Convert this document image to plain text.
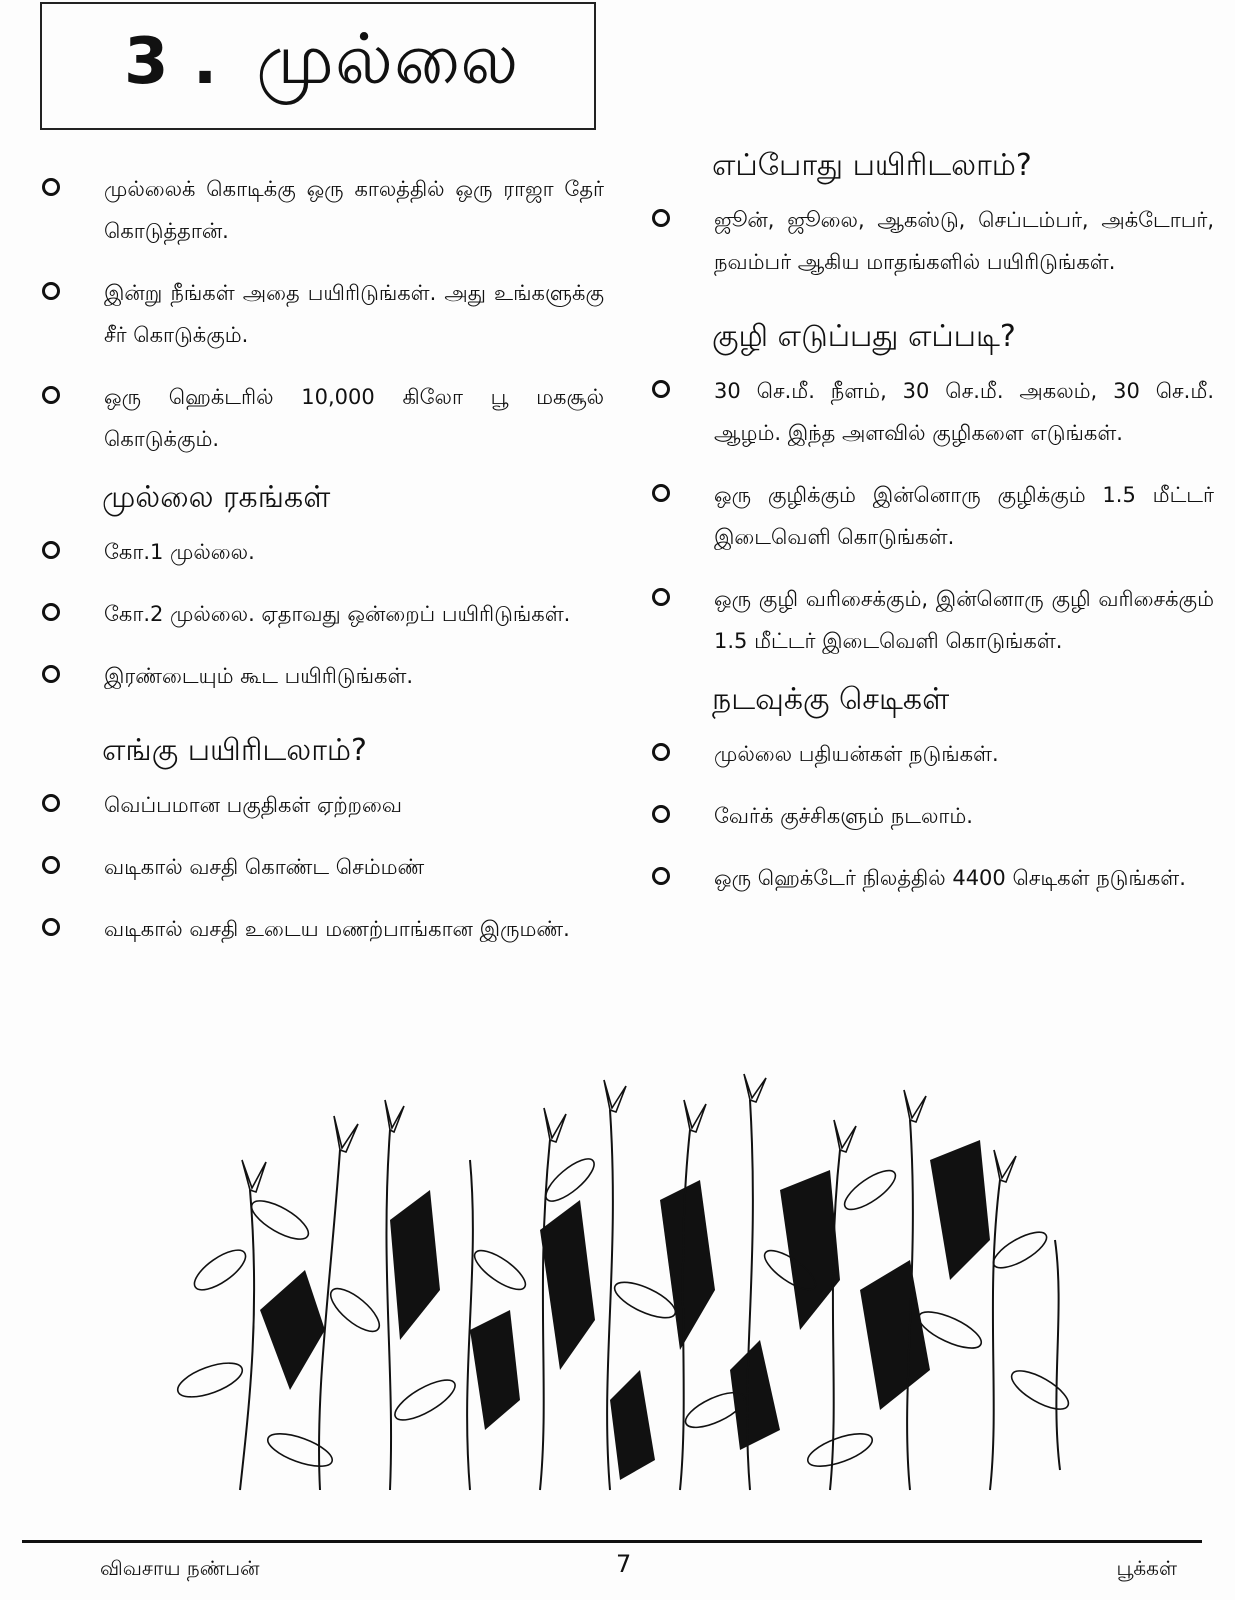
3 . முல்லை
முல்லைக் கொடிக்கு ஒரு காலத்தில் ஒரு ராஜா தேர் கொடுத்தான்.
இன்று நீங்கள் அதை பயிரிடுங்கள். அது உங்களுக்கு சீர் கொடுக்கும்.
ஒரு ஹெக்டரில் 10,000 கிலோ பூ மகசூல் கொடுக்கும்.
முல்லை ரகங்கள்
கோ.1 முல்லை.
கோ.2 முல்லை. ஏதாவது ஒன்றைப் பயிரிடுங்கள்.
இரண்டையும் கூட பயிரிடுங்கள்.
எங்கு பயிரிடலாம்?
வெப்பமான பகுதிகள் ஏற்றவை
வடிகால் வசதி கொண்ட செம்மண்
வடிகால் வசதி உடைய மணற்பாங்கான இருமண்.
எப்போது பயிரிடலாம்?
ஜூன், ஜூலை, ஆகஸ்டு, செப்டம்பர், அக்டோபர், நவம்பர் ஆகிய மாதங்களில் பயிரிடுங்கள்.
குழி எடுப்பது எப்படி?
30 செ.மீ. நீளம், 30 செ.மீ. அகலம், 30 செ.மீ. ஆழம். இந்த அளவில் குழிகளை எடுங்கள்.
ஒரு குழிக்கும் இன்னொரு குழிக்கும் 1.5 மீட்டர் இடைவெளி கொடுங்கள்.
ஒரு குழி வரிசைக்கும், இன்னொரு குழி வரிசைக்கும் 1.5 மீட்டர் இடைவெளி கொடுங்கள்.
நடவுக்கு செடிகள்
முல்லை பதியன்கள் நடுங்கள்.
வேர்க் குச்சிகளும் நடலாம்.
ஒரு ஹெக்டேர் நிலத்தில் 4400 செடிகள் நடுங்கள்.
விவசாய நண்பன்	7	பூக்கள்
